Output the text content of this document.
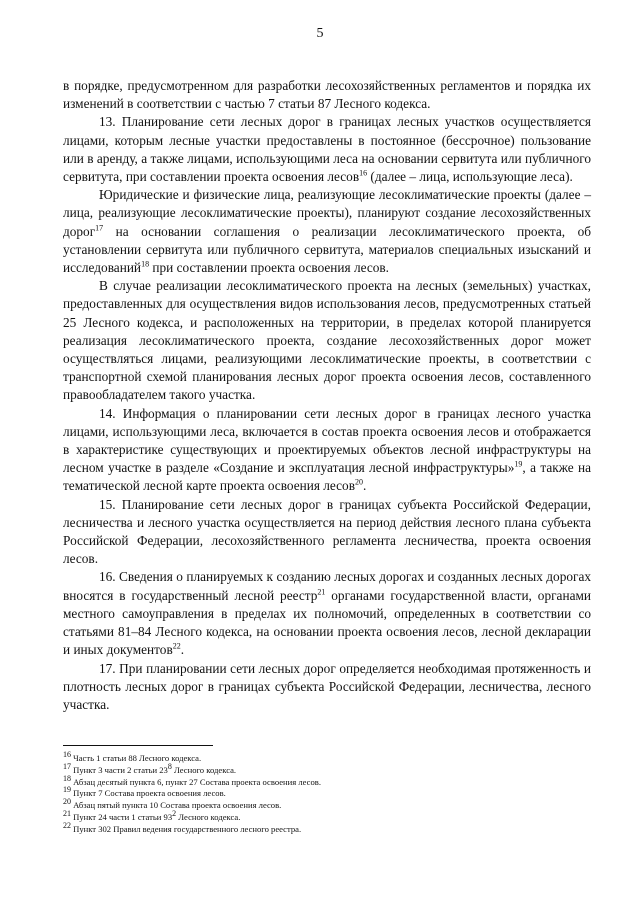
5

в порядке, предусмотренном для разработки лесохозяйственных регламентов и порядка их изменений в соответствии с частью 7 статьи 87 Лесного кодекса.

13. Планирование сети лесных дорог в границах лесных участков осуществляется лицами, которым лесные участки предоставлены в постоянное (бессрочное) пользование или в аренду, а также лицами, использующими леса на основании сервитута или публичного сервитута, при составлении проекта освоения лесов$^{16}$ (далее – лица, использующие леса).

Юридические и физические лица, реализующие лесоклиматические проекты (далее – лица, реализующие лесоклиматические проекты), планируют создание лесохозяйственных дорог$^{17}$ на основании соглашения о реализации лесоклиматического проекта, об установлении сервитута или публичного сервитута, материалов специальных изысканий и исследований$^{18}$ при составлении проекта освоения лесов.

В случае реализации лесоклиматического проекта на лесных (земельных) участках, предоставленных для осуществления видов использования лесов, предусмотренных статьей 25 Лесного кодекса, и расположенных на территории, в пределах которой планируется реализация лесоклиматического проекта, создание лесохозяйственных дорог может осуществляться лицами, реализующими лесоклиматические проекты, в соответствии с транспортной схемой планирования лесных дорог проекта освоения лесов, составленного правообладателем такого участка.

14. Информация о планировании сети лесных дорог в границах лесного участка лицами, использующими леса, включается в состав проекта освоения лесов и отображается в характеристике существующих и проектируемых объектов лесной инфраструктуры на лесном участке в разделе «Создание и эксплуатация лесной инфраструктуры»$^{19}$, а также на тематической лесной карте проекта освоения лесов$^{20}$.

15. Планирование сети лесных дорог в границах субъекта Российской Федерации, лесничества и лесного участка осуществляется на период действия лесного плана субъекта Российской Федерации, лесохозяйственного регламента лесничества, проекта освоения лесов.

16. Сведения о планируемых к созданию лесных дорогах и созданных лесных дорогах вносятся в государственный лесной реестр$^{21}$ органами государственной власти, органами местного самоуправления в пределах их полномочий, определенных в соответствии со статьями 81–84 Лесного кодекса, на основании проекта освоения лесов, лесной декларации и иных документов$^{22}$.

17. При планировании сети лесных дорог определяется необходимая протяженность и плотность лесных дорог в границах субъекта Российской Федерации, лесничества, лесного участка.

$^{16}$ Часть 1 статьи 88 Лесного кодекса.
$^{17}$ Пункт 3 части 2 статьи $23^8$ Лесного кодекса.
$^{18}$ Абзац десятый пункта 6, пункт 27 Состава проекта освоения лесов.
$^{19}$ Пункт 7 Состава проекта освоения лесов.
$^{20}$ Абзац пятый пункта 10 Состава проекта освоения лесов.
$^{21}$ Пункт 24 части 1 статьи $93^2$ Лесного кодекса.
$^{22}$ Пункт 302 Правил ведения государственного лесного реестра.
